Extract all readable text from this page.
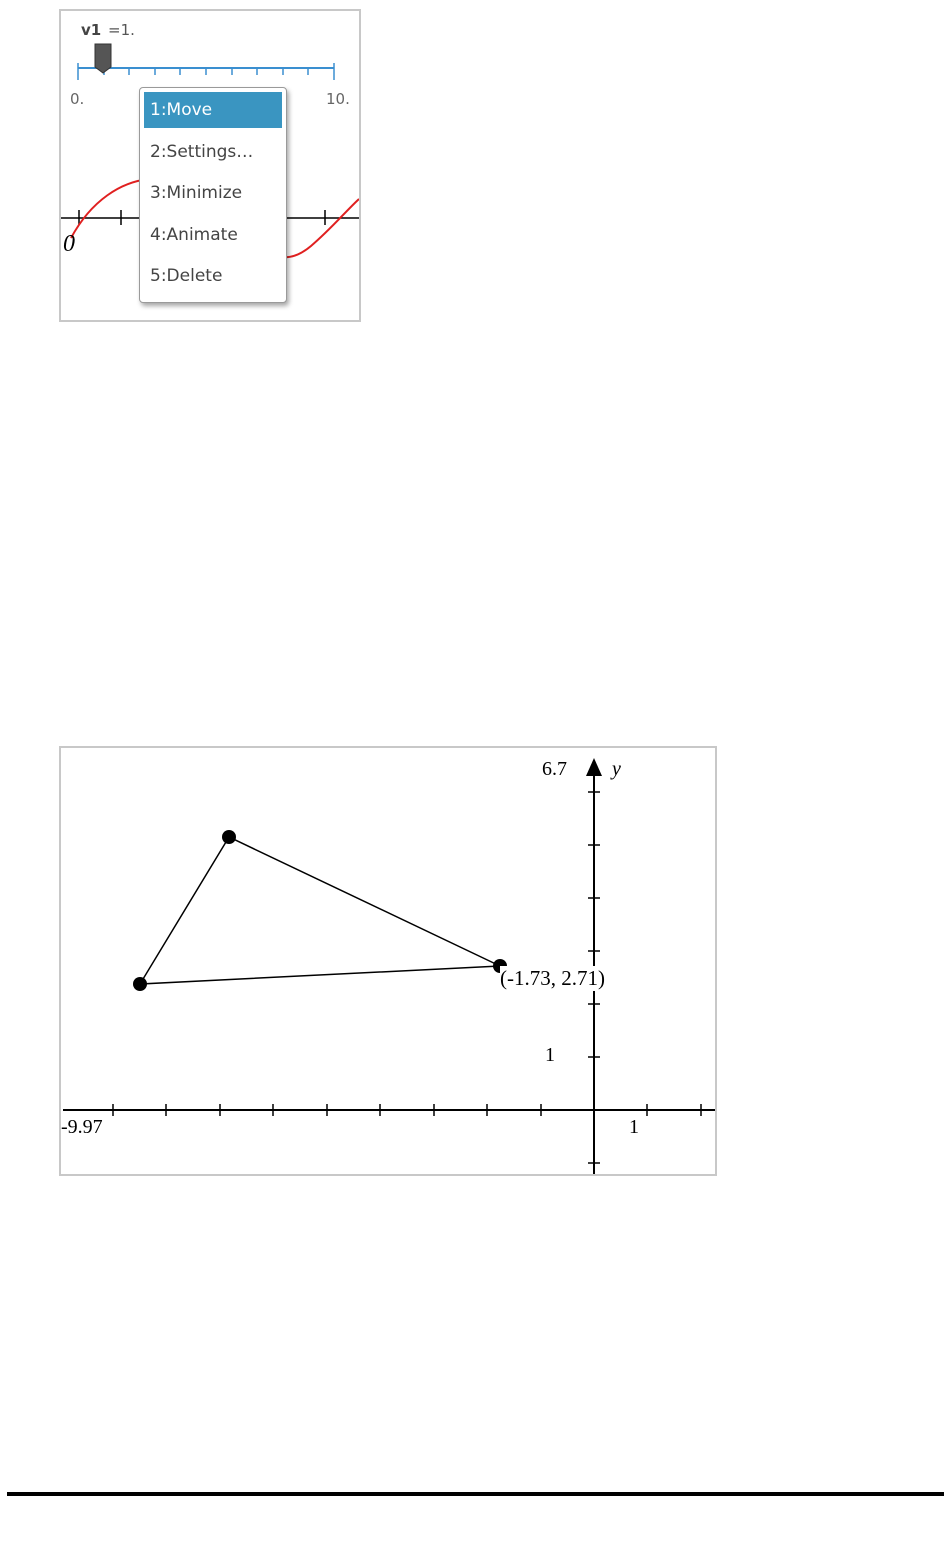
0
v1 =1.
0.	10.
1:Move
2:Settings…
3:Minimize
4:Animate
5:Delete
6.7 y
1
-9.97	1
(-1.73, 2.71)
